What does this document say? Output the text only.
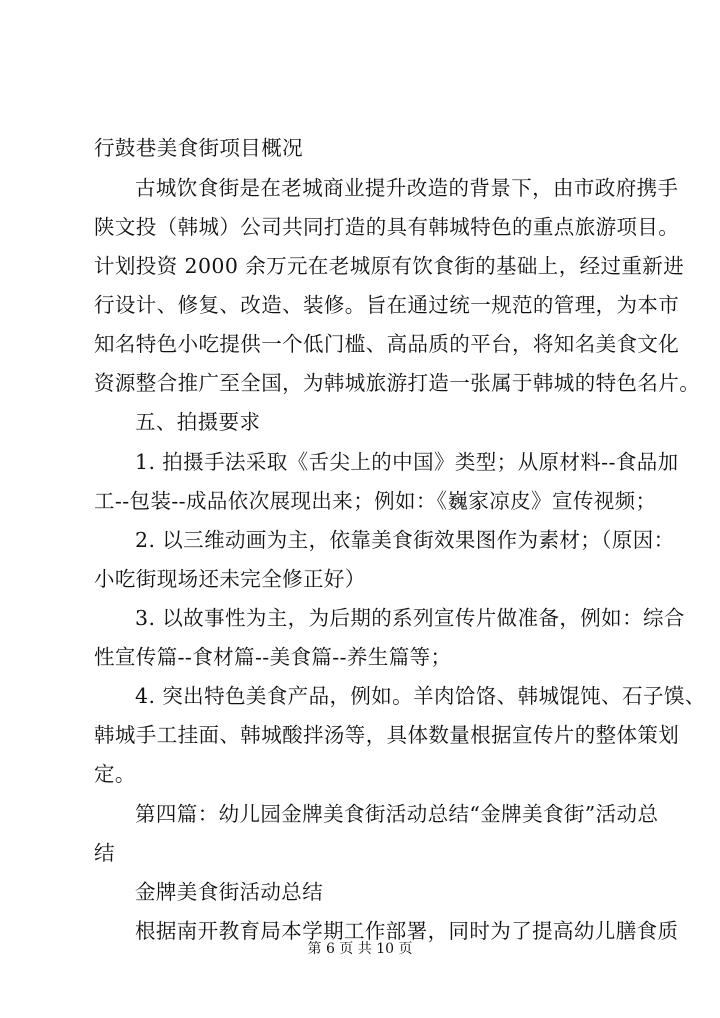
行鼓巷美食街项目概况
古城饮食街是在老城商业提升改造的背景下，由市政府携手
陕文投（韩城）公司共同打造的具有韩城特色的重点旅游项目。
计划投资 2000 余万元在老城原有饮食街的基础上，经过重新进
行设计、修复、改造、装修。旨在通过统一规范的管理，为本市
知名特色小吃提供一个低门槛、高品质的平台，将知名美食文化
资源整合推广至全国，为韩城旅游打造一张属于韩城的特色名片。
五、拍摄要求
1. 拍摄手法采取《舌尖上的中国》类型；从原材料--食品加
工--包装--成品依次展现出来；例如：《巍家凉皮》宣传视频；
2. 以三维动画为主，依靠美食街效果图作为素材；（原因：
小吃街现场还未完全修正好）
3. 以故事性为主，为后期的系列宣传片做准备，例如：综合
性宣传篇--食材篇--美食篇--养生篇等；
4. 突出特色美食产品，例如。羊肉饸饹、韩城馄饨、石子馍、
韩城手工挂面、韩城酸拌汤等，具体数量根据宣传片的整体策划
定。
第四篇：幼儿园金牌美食街活动总结“金牌美食街”活动总
结
金牌美食街活动总结
根据南开教育局本学期工作部署，同时为了提高幼儿膳食质
第 6 页 共 10 页
